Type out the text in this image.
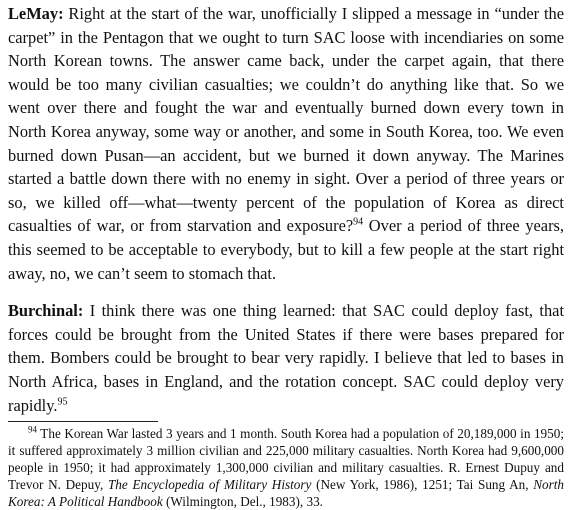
LeMay: Right at the start of the war, unofficially I slipped a message in “under the carpet” in the Pentagon that we ought to turn SAC loose with incendiaries on some North Korean towns. The answer came back, under the carpet again, that there would be too many civilian casualties; we couldn’t do anything like that. So we went over there and fought the war and eventually burned down every town in North Korea anyway, some way or another, and some in South Korea, too. We even burned down Pusan—an accident, but we burned it down anyway. The Marines started a battle down there with no enemy in sight. Over a period of three years or so, we killed off—what—twenty percent of the population of Korea as direct casualties of war, or from starvation and exposure?$^{94}$ Over a period of three years, this seemed to be acceptable to everybody, but to kill a few people at the start right away, no, we can’t seem to stomach that.

Burchinal: I think there was one thing learned: that SAC could deploy fast, that forces could be brought from the United States if there were bases prepared for them. Bombers could be brought to bear very rapidly. I believe that led to bases in North Africa, bases in England, and the rotation concept. SAC could deploy very rapidly.$^{95}$

$^{94}$ The Korean War lasted 3 years and 1 month. South Korea had a population of 20,189,000 in 1950; it suffered approximately 3 million civilian and 225,000 military casualties. North Korea had 9,600,000 people in 1950; it had approximately 1,300,000 civilian and military casualties. R. Ernest Dupuy and Trevor N. Depuy, The Encyclopedia of Military History (New York, 1986), 1251; Tai Sung An, North Korea: A Political Handbook (Wilmington, Del., 1983), 33.
